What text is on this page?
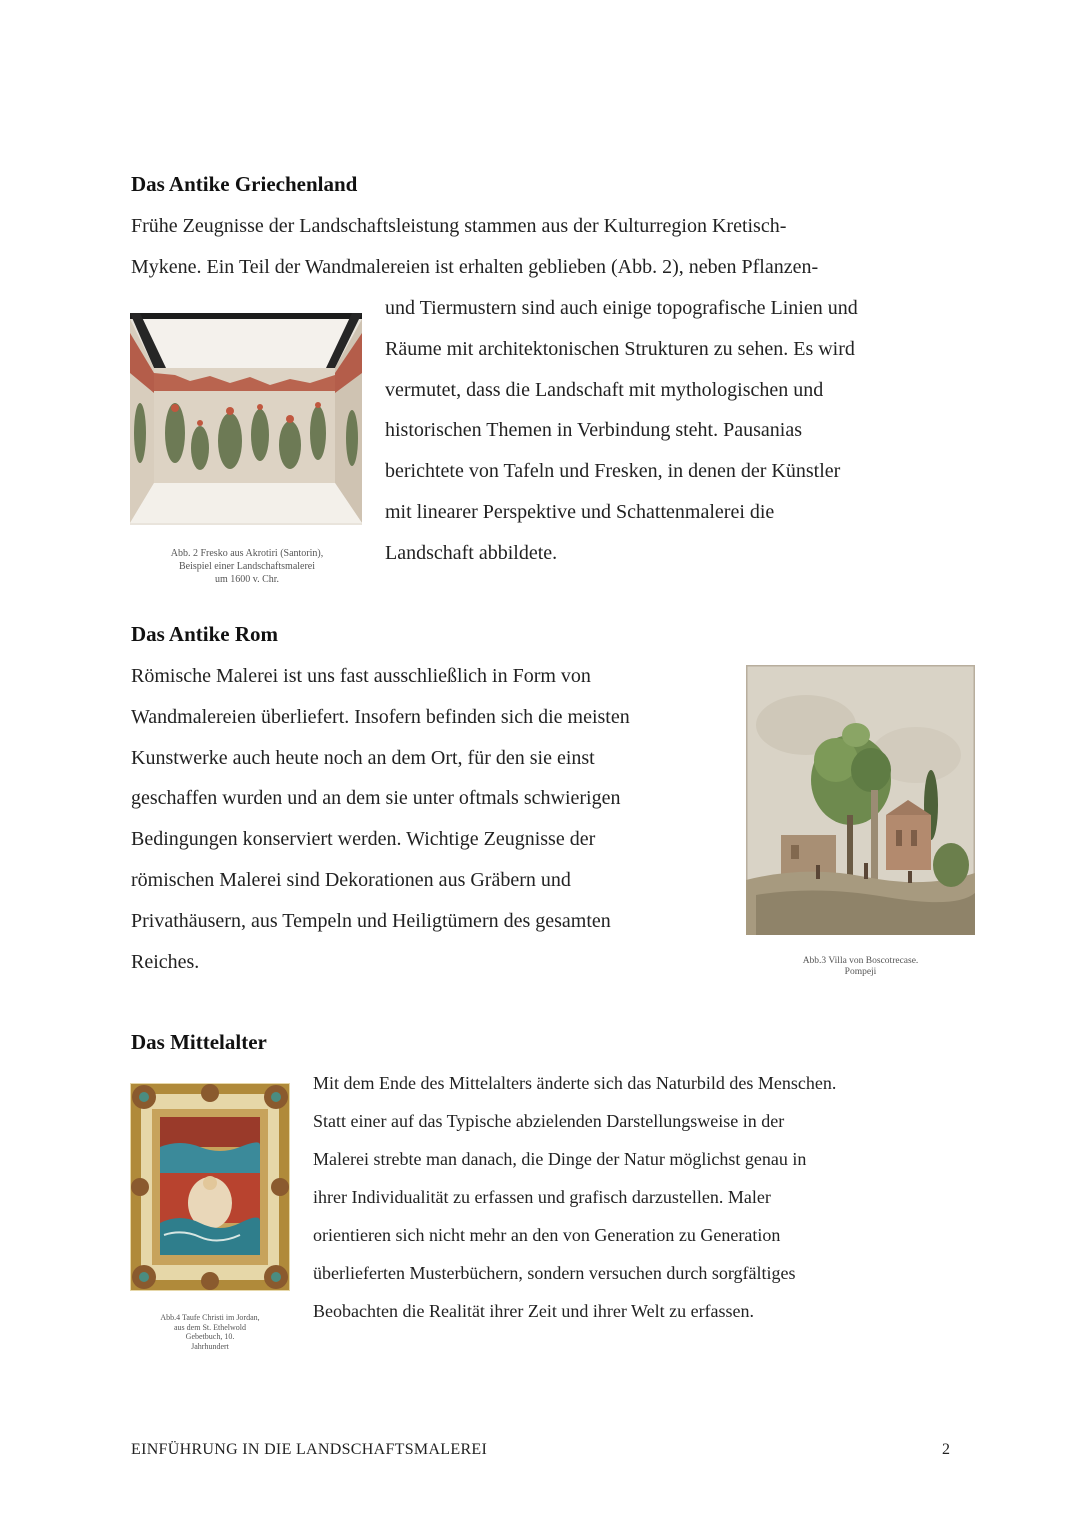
Das Antike Griechenland

Frühe Zeugnisse der Landschaftsleistung stammen aus der Kulturregion Kretisch-
Mykene. Ein Teil der Wandmalereien ist erhalten geblieben (Abb. 2), neben Pflanzen-

und Tiermustern sind auch einige topografische Linien und
Räume mit architektonischen Strukturen zu sehen. Es wird
vermutet, dass die Landschaft mit mythologischen und
historischen Themen in Verbindung steht. Pausanias
berichtete von Tafeln und Fresken, in denen der Künstler
mit linearer Perspektive und Schattenmalerei die
Landschaft abbildete.

Abb. 2 Fresko aus Akrotiri (Santorin),
Beispiel einer Landschaftsmalerei
um 1600 v. Chr.
Das Antike Rom

Römische Malerei ist uns fast ausschließlich in Form von
Wandmalereien überliefert. Insofern befinden sich die meisten
Kunstwerke auch heute noch an dem Ort, für den sie einst
geschaffen wurden und an dem sie unter oftmals schwierigen
Bedingungen konserviert werden. Wichtige Zeugnisse der
römischen Malerei sind Dekorationen aus Gräbern und
Privathäusern, aus Tempeln und Heiligtümern des gesamten
Reiches.	Abb.3 Villa von Boscotrecase.
Pompeji
Das Mittelalter

Mit dem Ende des Mittelalters änderte sich das Naturbild des Menschen.
Statt einer auf das Typische abzielenden Darstellungsweise in der
Malerei strebte man danach, die Dinge der Natur möglichst genau in
ihrer Individualität zu erfassen und grafisch darzustellen. Maler
orientieren sich nicht mehr an den von Generation zu Generation
überlieferten Musterbüchern, sondern versuchen durch sorgfältiges
Beobachten die Realität ihrer Zeit und ihrer Welt zu erfassen.

Abb.4 Taufe Christi im Jordan,
aus dem St. Ethelwold
Gebetbuch, 10.
Jahrhundert
EINFÜHRUNG IN DIE LANDSCHAFTSMALEREI	2
